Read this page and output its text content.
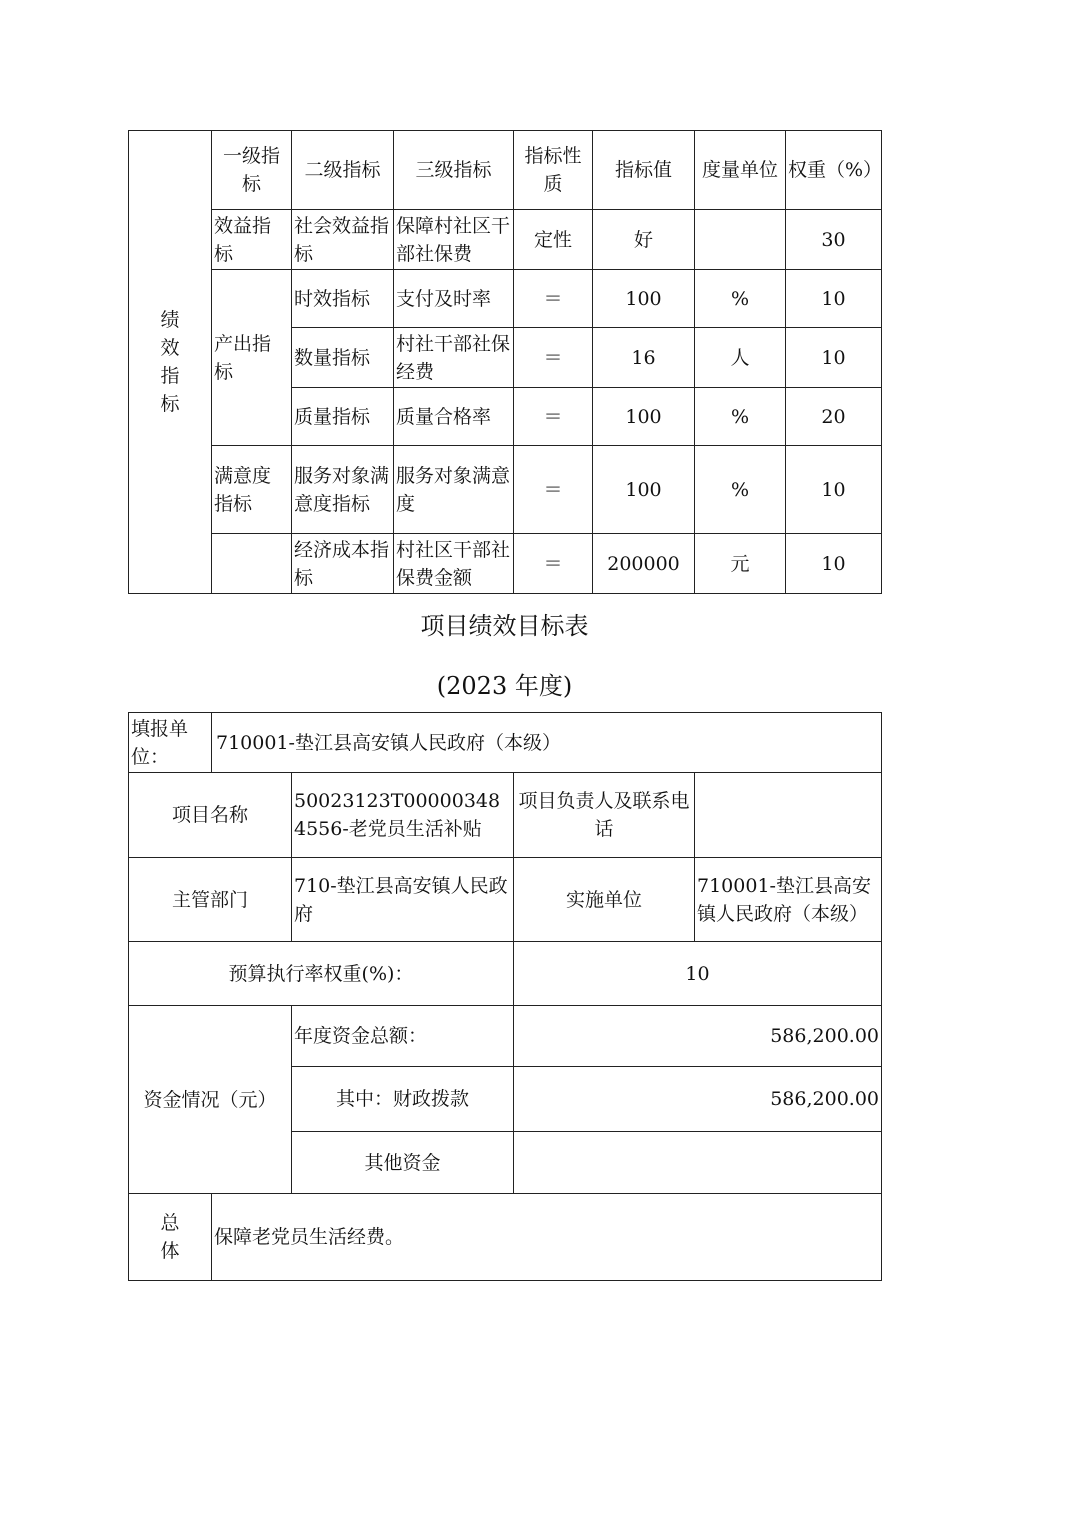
绩效指标	一级指标	二级指标	三级指标	指标性质	指标值	度量单位	权重（%）
	效益指标	社会效益指标	保障村社区干部社保费	定性	好		30
	产出指标	时效指标	支付及时率	＝	100	%	10
		数量指标	村社干部社保经费	＝	16	人	10
		质量指标	质量合格率	＝	100	%	20
	满意度指标	服务对象满意度指标	服务对象满意度	＝	100	%	10
		经济成本指标	村社区干部社保费金额	＝	200000	元	10
项目绩效目标表
(2023 年度)
填报单位：	710001-垫江县高安镇人民政府（本级）			
项目名称		50023123T000003484556-老党员生活补贴	项目负责人及联系电话	
主管部门		710-垫江县高安镇人民政府	实施单位	710001-垫江县高安镇人民政府（本级）
预算执行率权重(%)：			10	
资金情况（元）		年度资金总额：	586,200.00	
		其中：财政拨款	586,200.00	
		其他资金		
总体	保障老党员生活经费。			
